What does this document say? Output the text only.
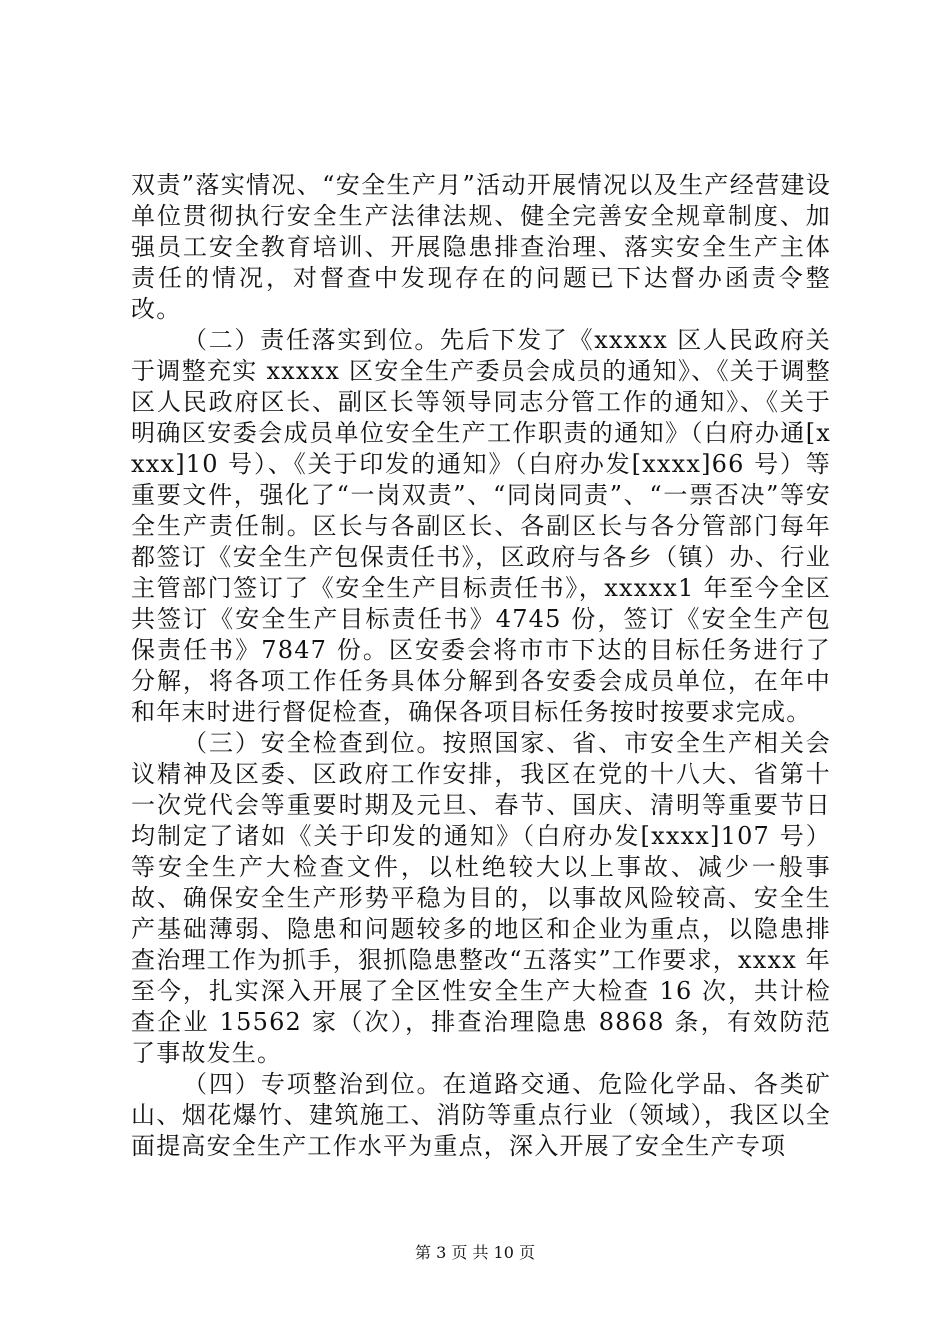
双责”落实情况、“安全生产月”活动开展情况以及生产经营建设单位贯彻执行安全生产法律法规、健全完善安全规章制度、加强员工安全教育培训、开展隐患排查治理、落实安全生产主体责任的情况，对督查中发现存在的问题已下达督办函责令整改。

（二）责任落实到位。先后下发了《xxxxx 区人民政府关于调整充实 xxxxx 区安全生产委员会成员的通知》、《关于调整区人民政府区长、副区长等领导同志分管工作的通知》、《关于明确区安委会成员单位安全生产工作职责的通知》（白府办通[xxxx]10 号）、《关于印发的通知》（白府办发[xxxx]66 号）等重要文件，强化了“一岗双责”、“同岗同责”、“一票否决”等安全生产责任制。区长与各副区长、各副区长与各分管部门每年都签订《安全生产包保责任书》，区政府与各乡（镇）办、行业主管部门签订了《安全生产目标责任书》，xxxxx1 年至今全区共签订《安全生产目标责任书》4745 份，签订《安全生产包保责任书》7847 份。区安委会将市市下达的目标任务进行了分解，将各项工作任务具体分解到各安委会成员单位，在年中和年末时进行督促检查，确保各项目标任务按时按要求完成。

（三）安全检查到位。按照国家、省、市安全生产相关会议精神及区委、区政府工作安排，我区在党的十八大、省第十一次党代会等重要时期及元旦、春节、国庆、清明等重要节日均制定了诸如《关于印发的通知》（白府办发[xxxx]107 号）等安全生产大检查文件，以杜绝较大以上事故、减少一般事故、确保安全生产形势平稳为目的，以事故风险较高、安全生产基础薄弱、隐患和问题较多的地区和企业为重点，以隐患排查治理工作为抓手，狠抓隐患整改“五落实”工作要求，xxxx 年至今，扎实深入开展了全区性安全生产大检查 16 次，共计检查企业 15562 家（次），排查治理隐患 8868 条，有效防范了事故发生。

（四）专项整治到位。在道路交通、危险化学品、各类矿山、烟花爆竹、建筑施工、消防等重点行业（领域），我区以全面提高安全生产工作水平为重点，深入开展了安全生产专项

第 3 页 共 10 页
